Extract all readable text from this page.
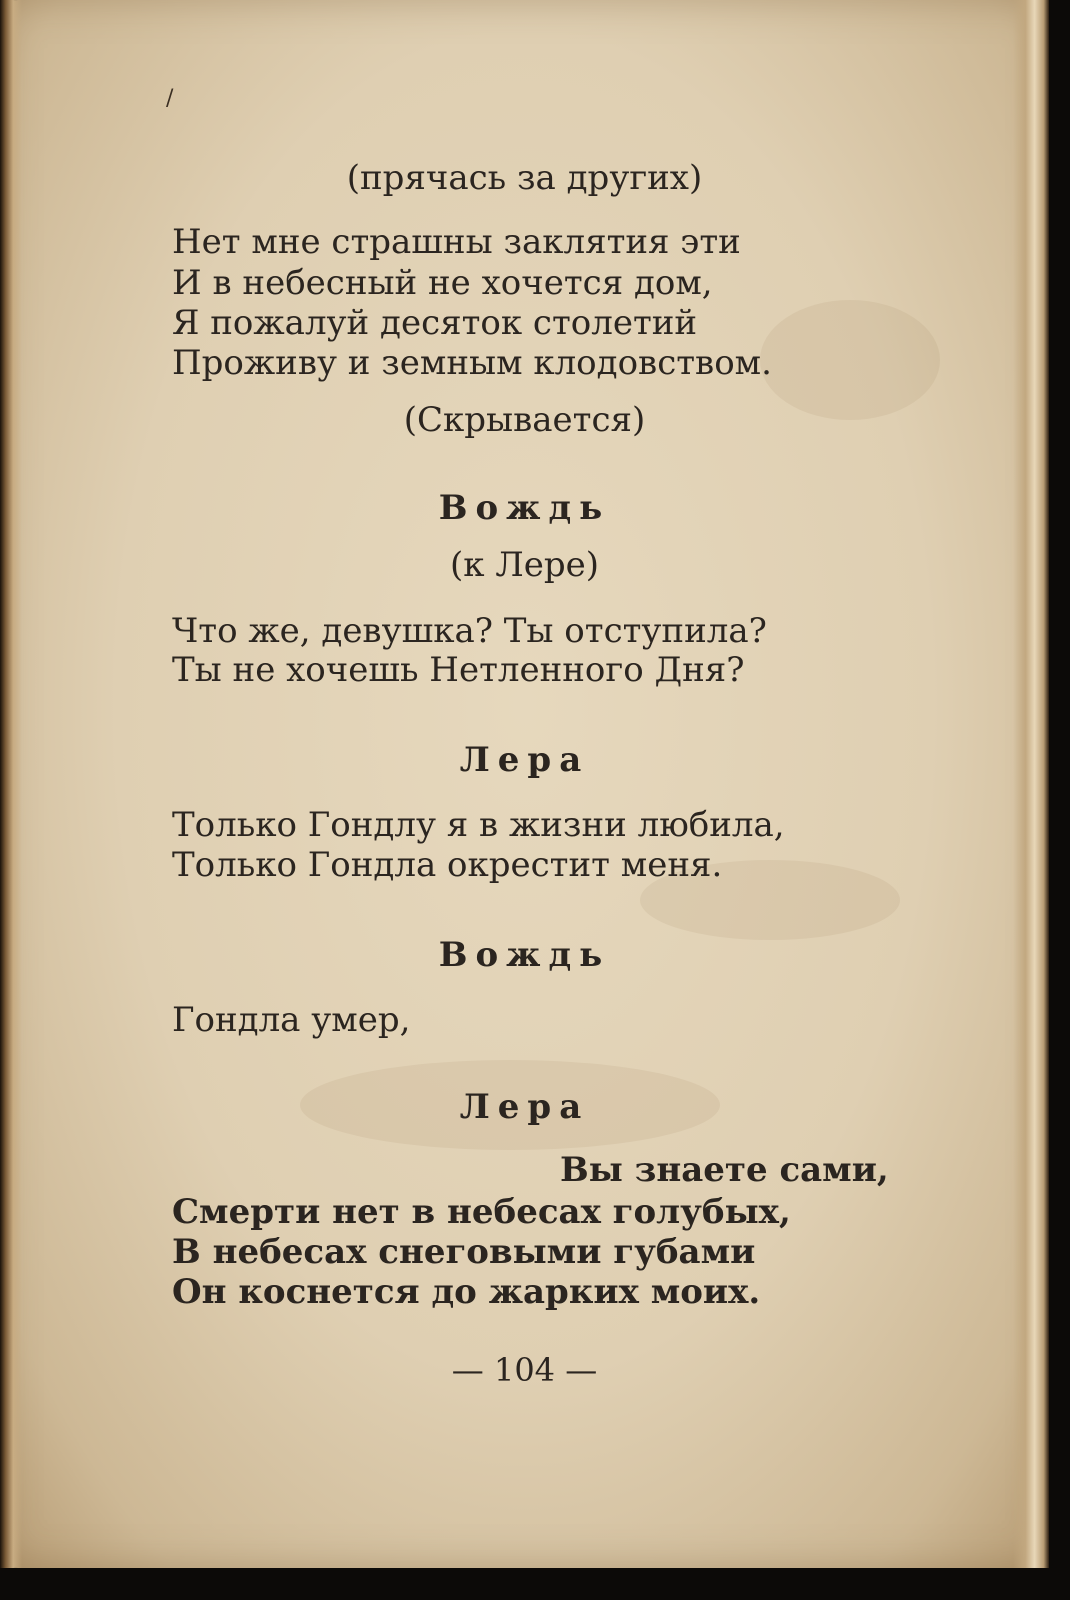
/
(прячась за других)
Нет мне страшны заклятия эти
И в небесный не хочется дом,
Я пожалуй десяток столетий
Проживу и земным клодовством.
(Скрывается)
Вождь
(к Лере)
Что же, девушка? Ты отступила?
Ты не хочешь Нетленного Дня?
Лера
Только Гондлу я в жизни любила,
Только Гондла окрестит меня.
Вождь
Гондла умер,
Лера
Вы знаете сами,
Смерти нет в небесах голубых,
В небесах снеговыми губами
Он коснется до жарких моих.
— 104 —
